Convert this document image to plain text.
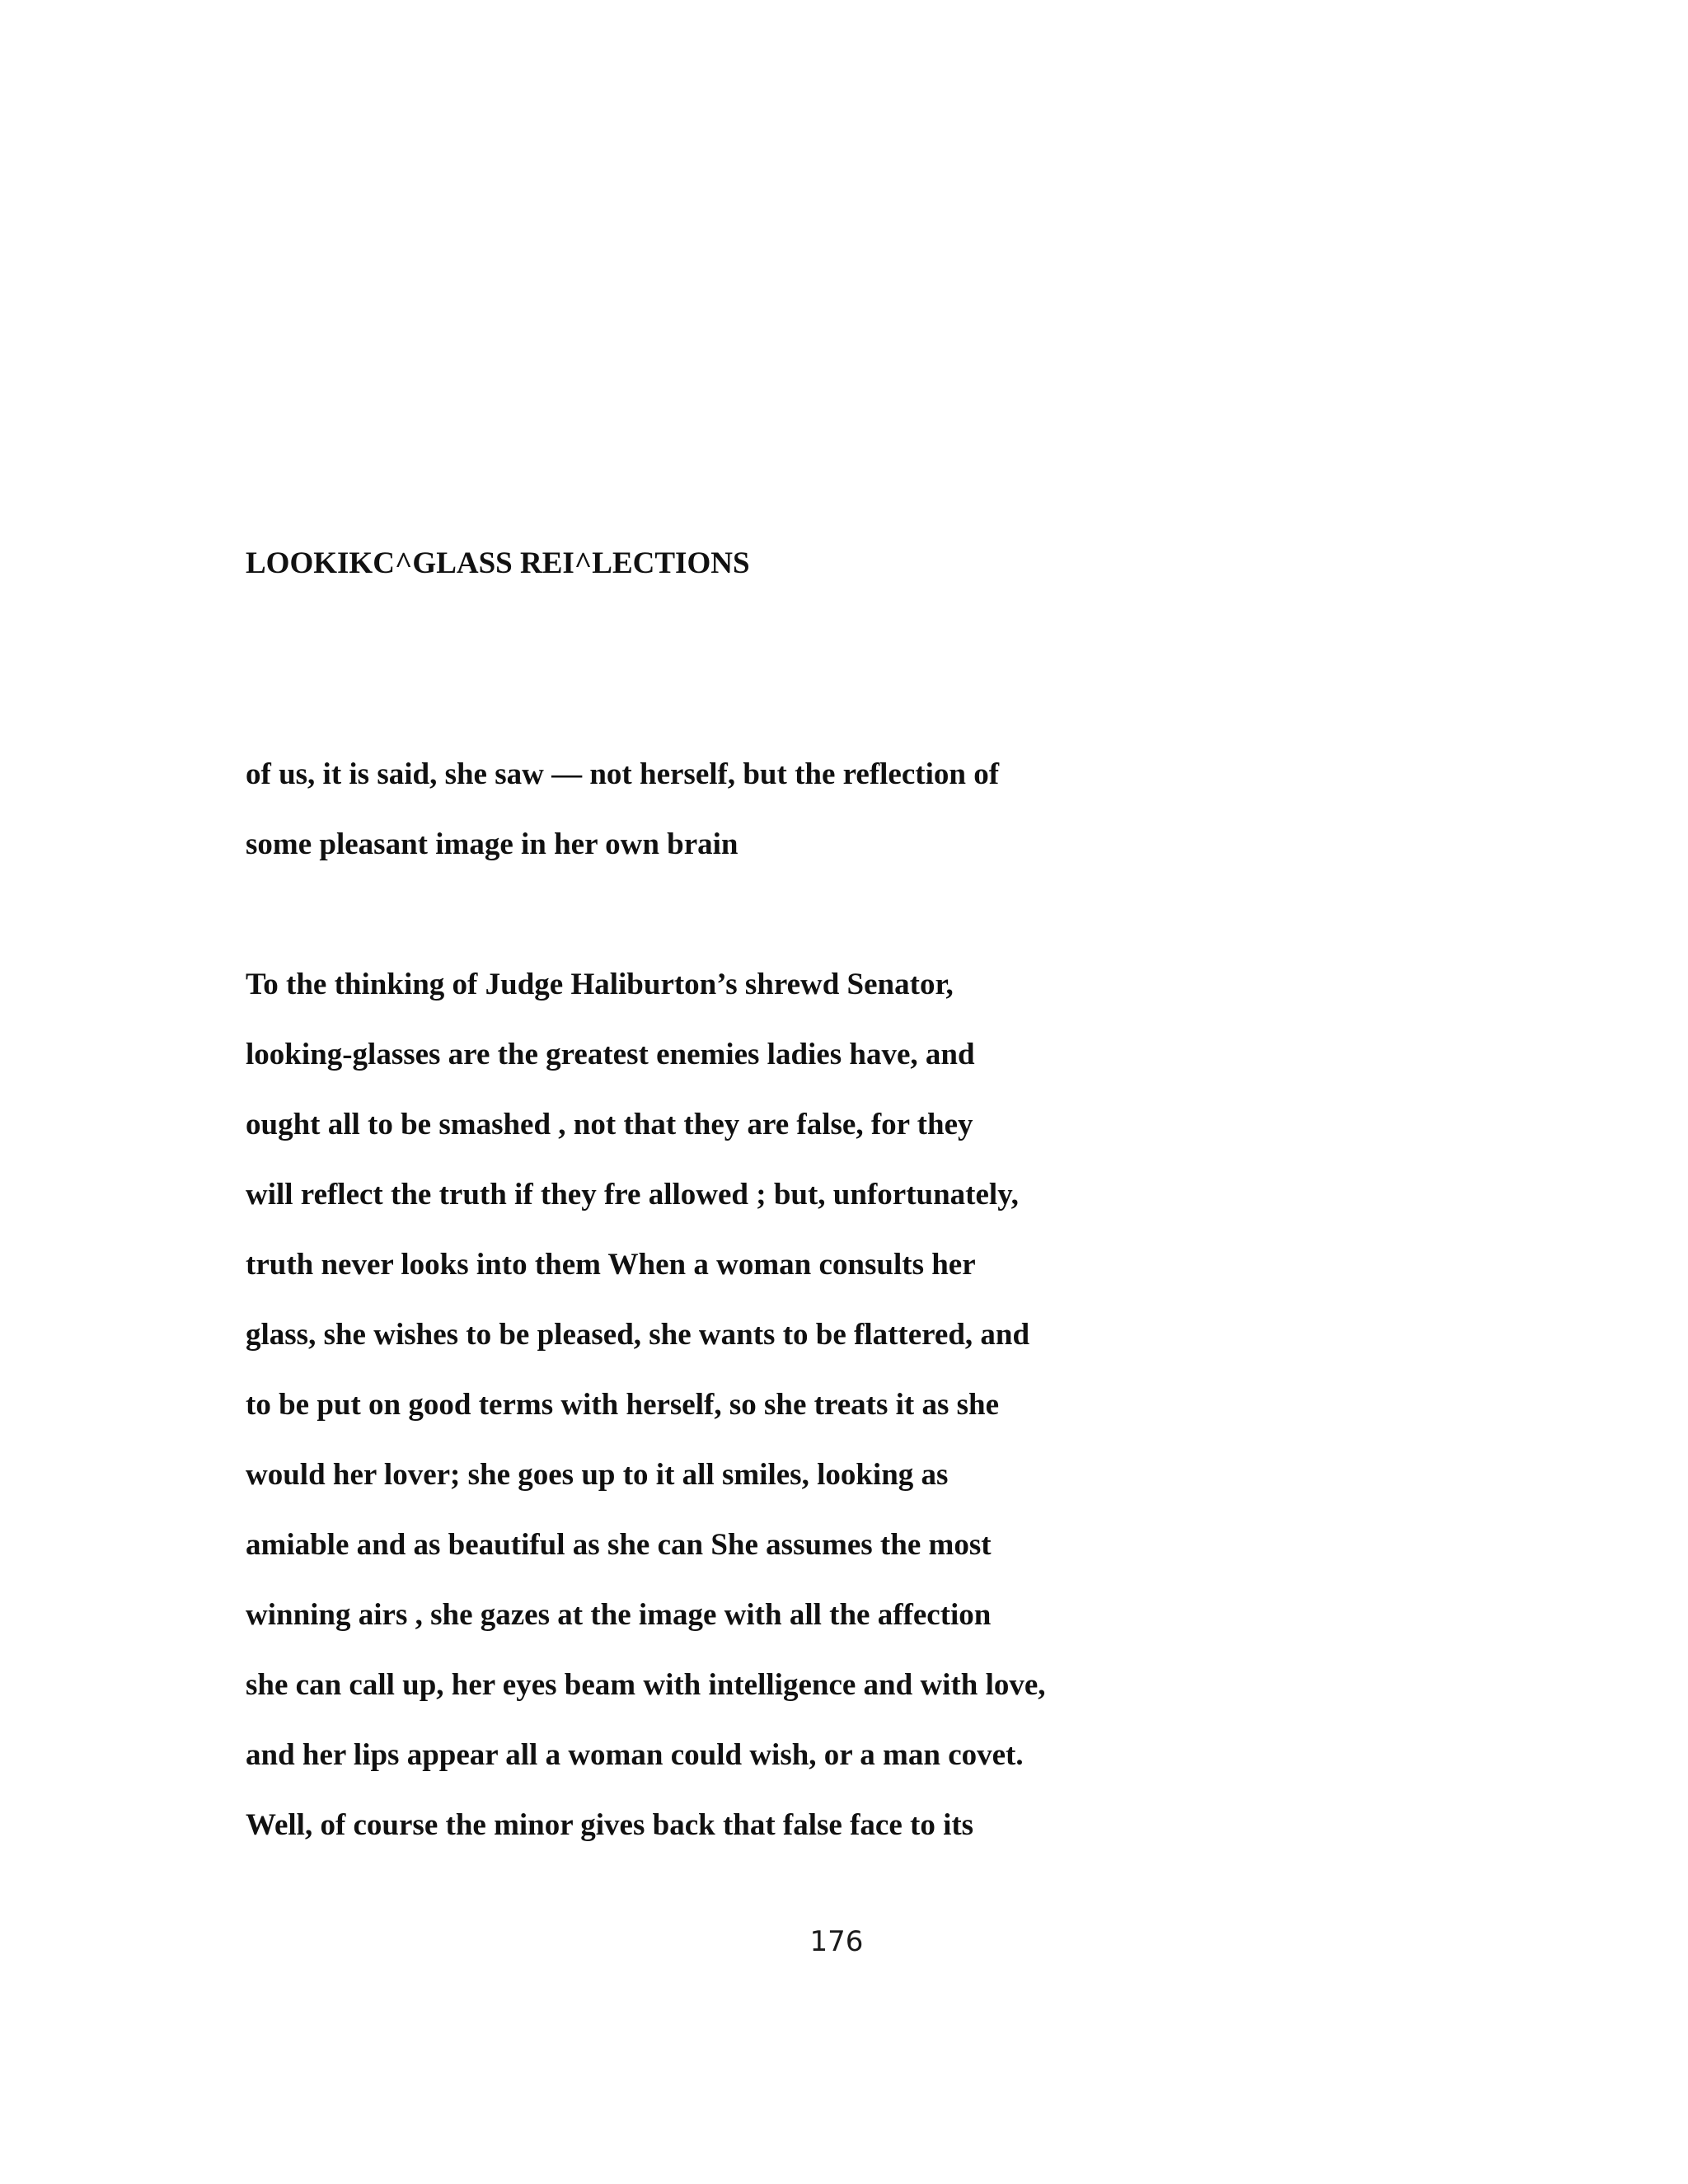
LOOKIKC^GLASS REI^LECTIONS
of us, it is said, she saw — not herself, but the reflection of
some pleasant image in her own brain
To the thinking of Judge Haliburton’s shrewd Senator,
looking-glasses are the greatest enemies ladies have, and
ought all to be smashed , not that they are false, for they
will reflect the truth if they fre allowed ; but, unfortunately,
truth never looks into them When a woman consults her
glass, she wishes to be pleased, she wants to be flattered, and
to be put on good terms with herself, so she treats it as she
would her lover; she goes up to it all smiles, looking as
amiable and as beautiful as she can She assumes the most
winning airs , she gazes at the image with all the affection
she can call up, her eyes beam with intelligence and with love,
and her lips appear all a woman could wish, or a man covet.
Well, of course the minor gives back that false face to its
176
